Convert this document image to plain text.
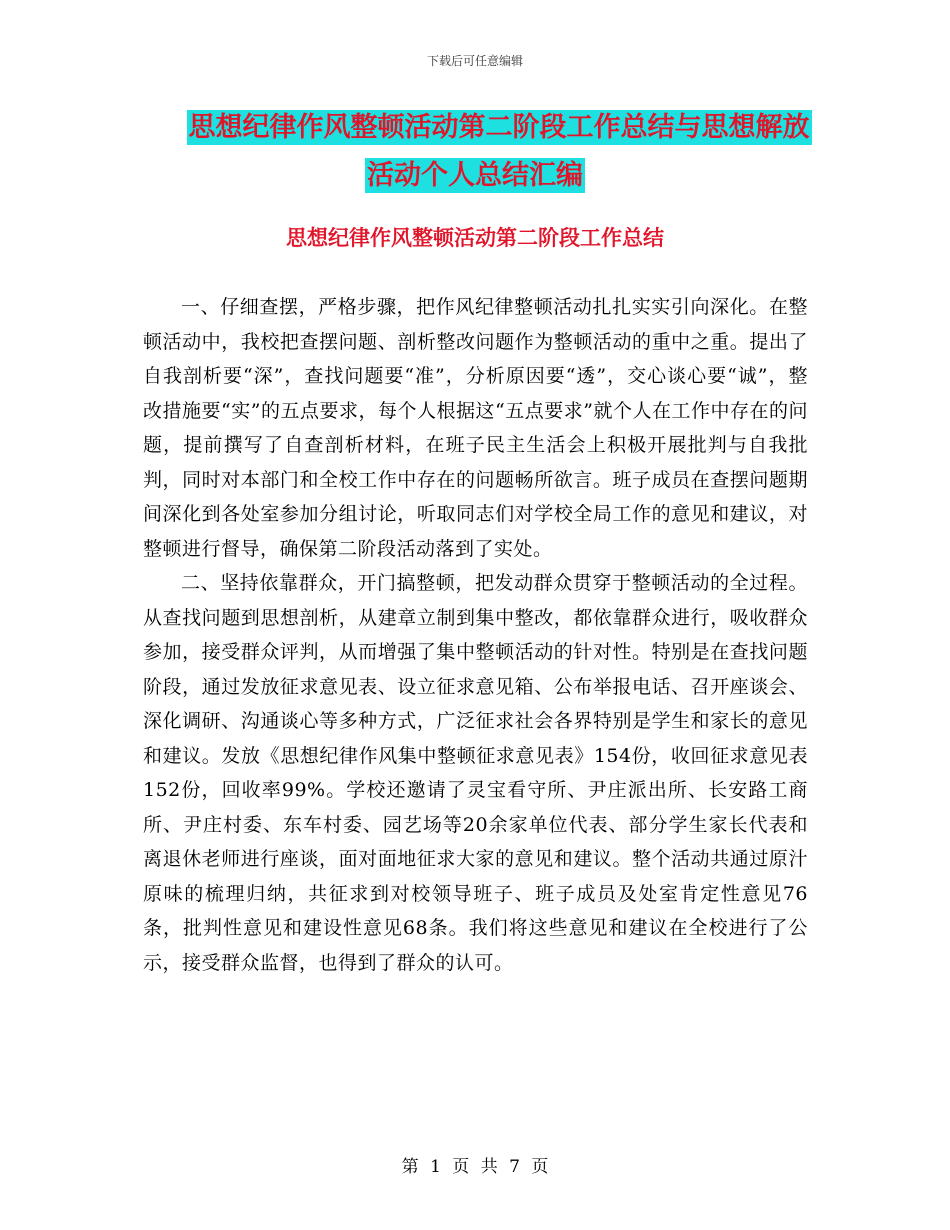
下载后可任意编辑
思想纪律作风整顿活动第二阶段工作总结与思想解放
活动个人总结汇编
思想纪律作风整顿活动第二阶段工作总结

一、仔细查摆，严格步骤，把作风纪律整顿活动扎扎实实引向深化。在整顿活动中，我校把查摆问题、剖析整改问题作为整顿活动的重中之重。提出了自我剖析要“深”，查找问题要“准”，分析原因要“透”，交心谈心要“诚”，整改措施要“实”的五点要求，每个人根据这“五点要求”就个人在工作中存在的问题，提前撰写了自查剖析材料，在班子民主生活会上积极开展批判与自我批判，同时对本部门和全校工作中存在的问题畅所欲言。班子成员在查摆问题期间深化到各处室参加分组讨论，听取同志们对学校全局工作的意见和建议，对整顿进行督导，确保第二阶段活动落到了实处。

二、坚持依靠群众，开门搞整顿，把发动群众贯穿于整顿活动的全过程。从查找问题到思想剖析，从建章立制到集中整改，都依靠群众进行，吸收群众参加，接受群众评判，从而增强了集中整顿活动的针对性。特别是在查找问题阶段，通过发放征求意见表、设立征求意见箱、公布举报电话、召开座谈会、深化调研、沟通谈心等多种方式，广泛征求社会各界特别是学生和家长的意见和建议。发放《思想纪律作风集中整顿征求意见表》154份，收回征求意见表152份，回收率99%。学校还邀请了灵宝看守所、尹庄派出所、长安路工商所、尹庄村委、东车村委、园艺场等20余家单位代表、部分学生家长代表和离退休老师进行座谈，面对面地征求大家的意见和建议。整个活动共通过原汁原味的梳理归纳，共征求到对校领导班子、班子成员及处室肯定性意见76条，批判性意见和建设性意见68条。我们将这些意见和建议在全校进行了公示，接受群众监督，也得到了群众的认可。

第 1 页 共 7 页
